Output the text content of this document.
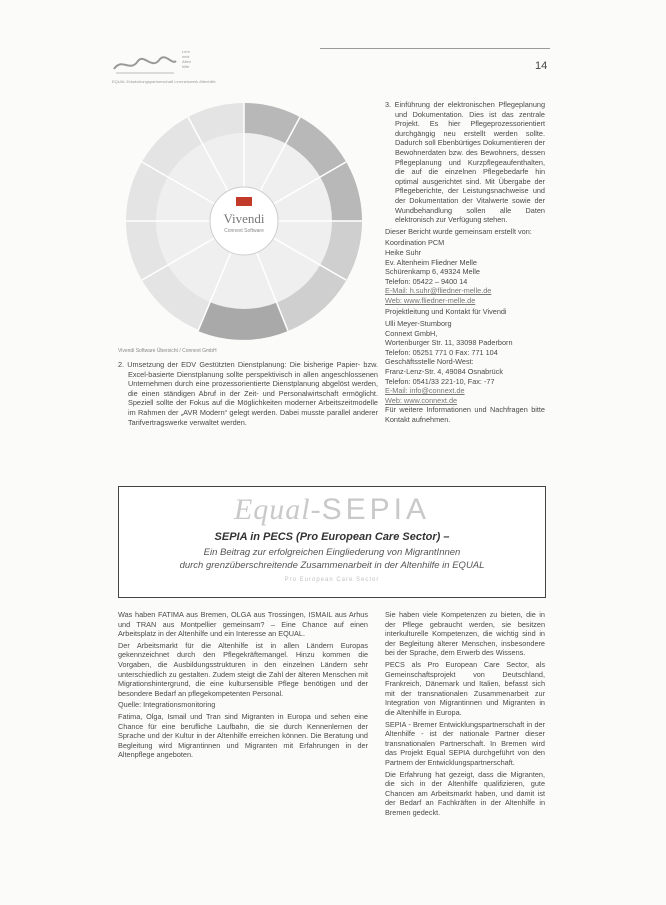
Lern
netz
Alten
hilfe
EQUAL Entwicklungspartnerschaft Lernnetzwerk Altenhilfe
14
Vivendi
Connext Software
Vivendi Software Übersicht / Connext GmbH
2. Umsetzung der EDV Gestützten Dienstplanung: Die bisherige Papier- bzw. Excel-basierte Dienstplanung sollte perspektivisch in allen angeschlossenen Unternehmen durch eine prozessorientierte Dienstplanung abgelöst werden, die einen ständigen Abruf in der Zeit- und Personalwirtschaft ermöglicht. Speziell sollte der Fokus auf die Möglichkeiten moderner Arbeitszeitmodelle im Rahmen der „AVR Modern“ gelegt werden. Dabei musste parallel anderer Tarifvertragswerke verwaltet werden.

3. Einführung der elektronischen Pflegeplanung und Dokumentation. Dies ist das zentrale Projekt. Es hier Pflegeprozessorientiert durchgängig neu erstellt werden sollte. Dadurch soll Ebenbürtiges Dokumentieren der Bewohnerdaten bzw. des Bewohners, dessen Pflegeplanung und Kurzpflegeaufenthalten, die auf die einzelnen Pflegebedarfe hin optimal ausgerichtet sind. Mit Übergabe der Pflegeberichte, der Leistungsnachweise und der Dokumentation der Vitalwerte sowie der Wundbehandlung sollen alle Daten elektronisch zur Verfügung stehen.

Dieser Bericht wurde gemeinsam erstellt von:

Koordination PCM
Heike Suhr
Ev. Altenheim Fliedner Melle
Schürenkamp 6, 49324 Melle
Telefon: 05422 – 9400 14
E-Mail: h.suhr@fliedner-melle.de
Web: www.fliedner-melle.de

Projektleitung und Kontakt für Vivendi

Ulli Meyer-Stumborg
Connext GmbH,
Wortenburger Str. 11, 33098 Paderborn
Telefon: 05251 771 0 Fax: 771 104
Geschäftsstelle Nord-West:
Franz-Lenz-Str. 4, 49084 Osnabrück
Telefon: 0541/33 221-10, Fax: -77
E-Mail: info@connext.de
Web: www.connext.de

Für weitere Informationen und Nachfragen bitte Kontakt aufnehmen.

Equal-SEPIA
SEPIA in PECS (Pro European Care Sector) –
Ein Beitrag zur erfolgreichen Eingliederung von MigrantInnen
durch grenzüberschreitende Zusammenarbeit in der Altenhilfe in EQUAL
Pro European Care Sector

Was haben FATIMA aus Bremen, OLGA aus Trossingen, ISMAIL aus Arhus und TRAN aus Montpellier gemeinsam? – Eine Chance auf einen Arbeitsplatz in der Altenhilfe und ein Interesse an EQUAL.

Der Arbeitsmarkt für die Altenhilfe ist in allen Ländern Europas gekennzeichnet durch den Pflegekräftemangel. Hinzu kommen die Vorgaben, die Ausbildungsstrukturen in den einzelnen Ländern sehr unterschiedlich zu gestalten. Zudem steigt die Zahl der älteren Menschen mit Migrationshintergrund, die eine kultursensible Pflege benötigen und der besondere Bedarf an pflegekompetenten Personal.

Quelle: Integrationsmonitoring

Fatima, Olga, Ismail und Tran sind Migranten in Europa und sehen eine Chance für eine berufliche Laufbahn, die sie durch Kennenlernen der Sprache und der Kultur in der Altenhilfe erreichen können. Die Beratung und Begleitung wird Migrantinnen und Migranten mit Erfahrungen in der Altenpflege angeboten.

Sie haben viele Kompetenzen zu bieten, die in der Pflege gebraucht werden, sie besitzen interkulturelle Kompetenzen, die wichtig sind in der Begleitung älterer Menschen, insbesondere bei der Sprache, dem Erwerb des Wissens.

PECS als Pro European Care Sector, als Gemeinschaftsprojekt von Deutschland, Frankreich, Dänemark und Italien, befasst sich mit der transnationalen Zusammenarbeit zur Integration von Migrantinnen und Migranten in die Altenhilfe in Europa.

SEPIA - Bremer Entwicklungspartnerschaft in der Altenhilfe - ist der nationale Partner dieser transnationalen Partnerschaft. In Bremen wird das Projekt Equal SEPIA durchgeführt von den Partnern der Entwicklungspartnerschaft.

Die Erfahrung hat gezeigt, dass die Migranten, die sich in der Altenhilfe qualifizieren, gute Chancen am Arbeitsmarkt haben, und damit ist der Bedarf an Fachkräften in der Altenhilfe in Bremen gedeckt.
